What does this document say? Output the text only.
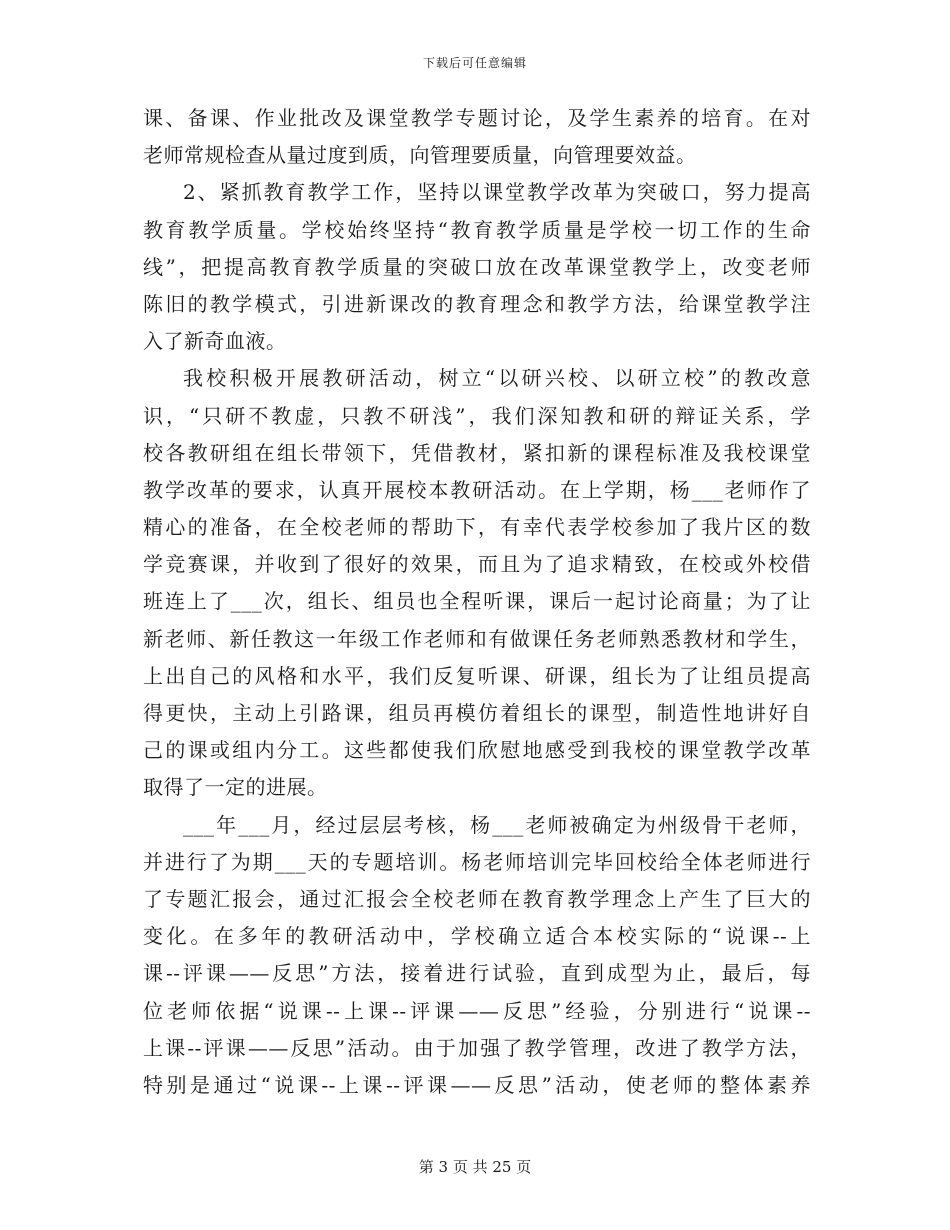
下载后可任意编辑
课、备课、作业批改及课堂教学专题讨论，及学生素养的培育。在对
老师常规检查从量过度到质，向管理要质量，向管理要效益。
2、紧抓教育教学工作，坚持以课堂教学改革为突破口，努力提高
教育教学质量。学校始终坚持“教育教学质量是学校一切工作的生命
线”，把提高教育教学质量的突破口放在改革课堂教学上，改变老师
陈旧的教学模式，引进新课改的教育理念和教学方法，给课堂教学注
入了新奇血液。
我校积极开展教研活动，树立“以研兴校、以研立校”的教改意
识，“只研不教虚，只教不研浅”，我们深知教和研的辩证关系，学
校各教研组在组长带领下，凭借教材，紧扣新的课程标准及我校课堂
教学改革的要求，认真开展校本教研活动。在上学期，杨___老师作了
精心的准备，在全校老师的帮助下，有幸代表学校参加了我片区的数
学竞赛课，并收到了很好的效果，而且为了追求精致，在校或外校借
班连上了___次，组长、组员也全程听课，课后一起讨论商量；为了让
新老师、新任教这一年级工作老师和有做课任务老师熟悉教材和学生，
上出自己的风格和水平，我们反复听课、研课，组长为了让组员提高
得更快，主动上引路课，组员再模仿着组长的课型，制造性地讲好自
己的课或组内分工。这些都使我们欣慰地感受到我校的课堂教学改革
取得了一定的进展。
___年___月，经过层层考核，杨___老师被确定为州级骨干老师，
并进行了为期___天的专题培训。杨老师培训完毕回校给全体老师进行
了专题汇报会，通过汇报会全校老师在教育教学理念上产生了巨大的
变化。在多年的教研活动中，学校确立适合本校实际的“说课--上
课--评课——反思”方法，接着进行试验，直到成型为止，最后，每
位老师依据“说课--上课--评课——反思”经验，分别进行“说课--
上课--评课——反思”活动。由于加强了教学管理，改进了教学方法，
特别是通过“说课--上课--评课——反思”活动，使老师的整体素养
第 3 页 共 25 页
